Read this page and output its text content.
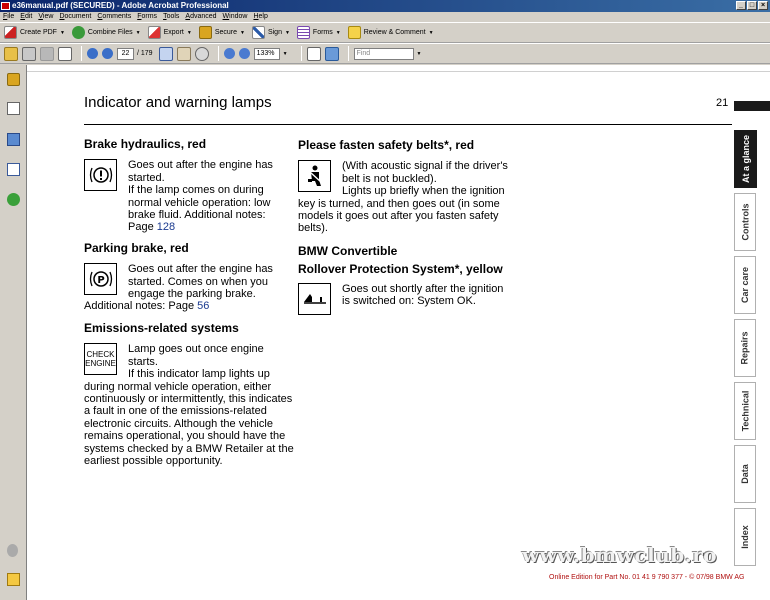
e36manual.pdf (SECURED) - Adobe Acrobat Professional	_ □ ×
File Edit View Document Comments Forms Tools Advanced Window Help
Create PDF ▼	Combine Files ▼	Export ▼	Secure ▼	Sign ▼	Forms ▼	Review & Comment ▼
22	/ 179	133%	▼	Find	▼
Indicator and warning lamps	21
Brake hydraulics, red
Goes out after the engine has started.
If the lamp comes on during normal vehicle operation: low brake fluid. Additional notes: Page 128
Parking brake, red
P
Goes out after the engine has started. Comes on when you engage the parking brake.
Additional notes: Page 56
Emissions-related systems
CHECK ENGINE
Lamp goes out once engine starts.
If this indicator lamp lights up during normal vehicle operation, either continuously or intermittently, this indicates a fault in one of the emissions-related electronic circuits. Although the vehicle remains operational, you should have the systems checked by a BMW Retailer at the earliest possible opportunity.
Please fasten safety belts*, red
(With acoustic signal if the driver's belt is not buckled).
Lights up briefly when the ignition key is turned, and then goes out (in some models it goes out after you fasten safety belts).
BMW Convertible
Rollover Protection System*, yellow
Goes out shortly after the ignition is switched on: System OK.
At a glance
Controls
Car care
Repairs
Technical
Data
Index
www.bmwclub.ro
Online Edition for Part No. 01 41 9 790 377 - © 07/98 BMW AG
